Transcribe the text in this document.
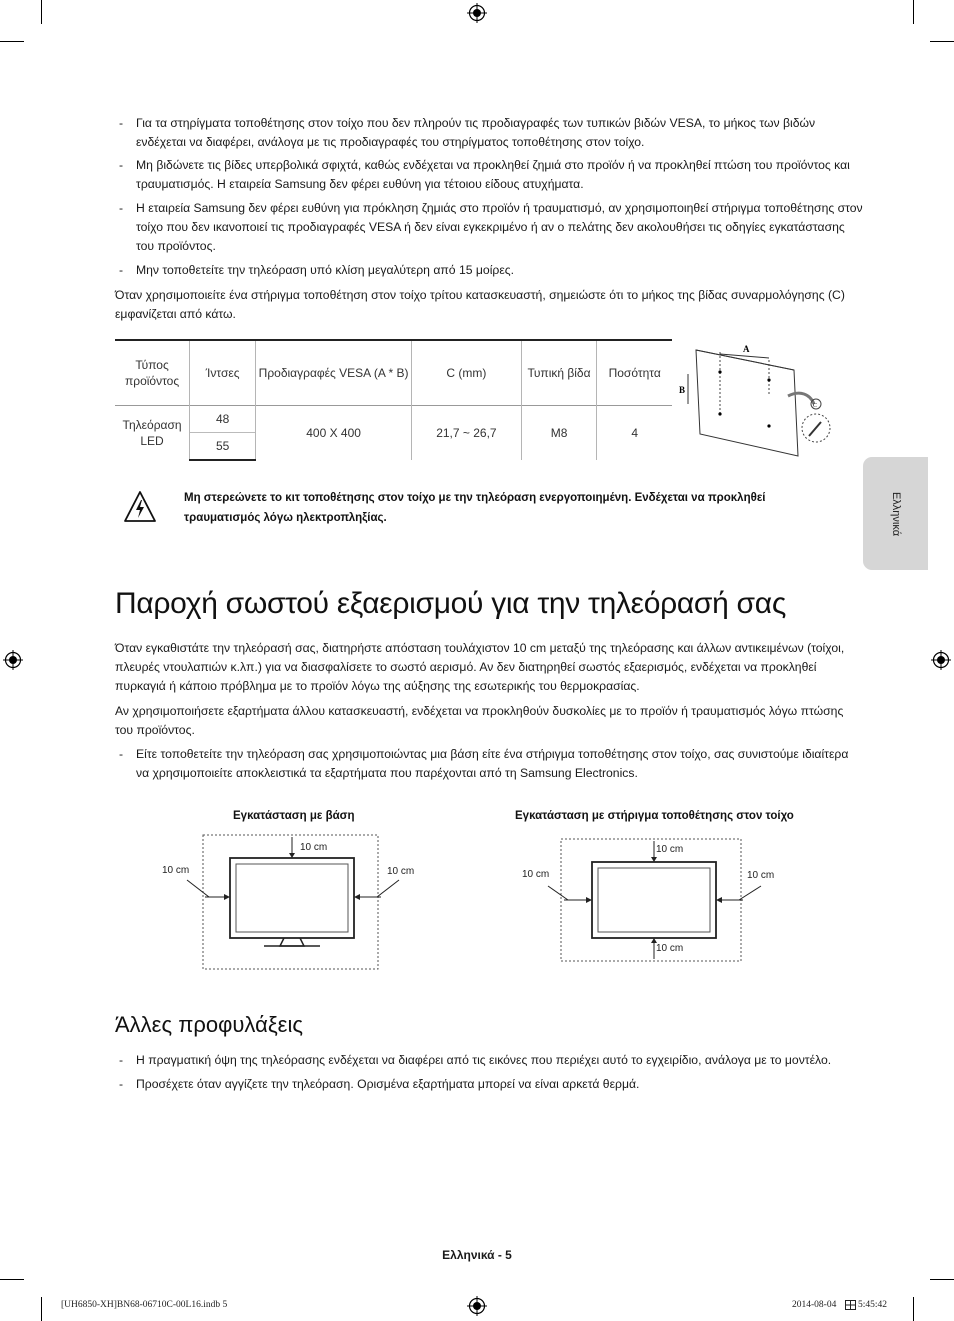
- Για τα στηρίγματα τοποθέτησης στον τοίχο που δεν πληρούν τις προδιαγραφές των τυπικών βιδών VESA, το μήκος των βιδών ενδέχεται να διαφέρει, ανάλογα με τις προδιαγραφές του στηρίγματος τοποθέτησης στον τοίχο.
- Μη βιδώνετε τις βίδες υπερβολικά σφιχτά, καθώς ενδέχεται να προκληθεί ζημιά στο προϊόν ή να προκληθεί πτώση του προϊόντος και τραυματισμός. Η εταιρεία Samsung δεν φέρει ευθύνη για τέτοιου είδους ατυχήματα.
- Η εταιρεία Samsung δεν φέρει ευθύνη για πρόκληση ζημιάς στο προϊόν ή τραυματισμό, αν χρησιμοποιηθεί στήριγμα τοποθέτησης στον τοίχο που δεν ικανοποιεί τις προδιαγραφές VESA ή δεν είναι εγκεκριμένο ή αν ο πελάτης δεν ακολουθήσει τις οδηγίες εγκατάστασης του προϊόντος.
- Μην τοποθετείτε την τηλεόραση υπό κλίση μεγαλύτερη από 15 μοίρες.
Όταν χρησιμοποιείτε ένα στήριγμα τοποθέτηση στον τοίχο τρίτου κατασκευαστή, σημειώστε ότι το μήκος της βίδας συναρμολόγησης (C) εμφανίζεται από κάτω.
Τύπος προϊόντος	Ίντσες	Προδιαγραφές VESA (A * B)	C (mm)	Τυπική βίδα	Ποσότητα
Τηλεόραση LED	48	400 X 400	21,7 ~ 26,7	M8	4
	55				
A
B
C
Μη στερεώνετε το κιτ τοποθέτησης στον τοίχο με την τηλεόραση ενεργοποιημένη. Ενδέχεται να προκληθεί τραυματισμός λόγω ηλεκτροπληξίας.	Ελληνικά
Παροχή σωστού εξαερισμού για την τηλεόρασή σας
Όταν εγκαθιστάτε την τηλεόρασή σας, διατηρήστε απόσταση τουλάχιστον 10 cm μεταξύ της τηλεόρασης και άλλων αντικειμένων (τοίχοι, πλευρές ντουλαπιών κ.λπ.) για να διασφαλίσετε το σωστό αερισμό. Αν δεν διατηρηθεί σωστός εξαερισμός, ενδέχεται να προκληθεί πυρκαγιά ή κάποιο πρόβλημα με το προϊόν λόγω της αύξησης της εσωτερικής του θερμοκρασίας.
Αν χρησιμοποιήσετε εξαρτήματα άλλου κατασκευαστή, ενδέχεται να προκληθούν δυσκολίες με το προϊόν ή τραυματισμός λόγω πτώσης του προϊόντος.
- Είτε τοποθετείτε την τηλεόραση σας χρησιμοποιώντας μια βάση είτε ένα στήριγμα τοποθέτησης στον τοίχο, σας συνιστούμε ιδιαίτερα να χρησιμοποιείτε αποκλειστικά τα εξαρτήματα που παρέχονται από τη Samsung Electronics.
Εγκατάσταση με βάση
10 cm
10 cm	10 cm
Εγκατάσταση με στήριγμα τοποθέτησης στον τοίχο
10 cm
10 cm	10 cm
10 cm
Άλλες προφυλάξεις
- Η πραγματική όψη της τηλεόρασης ενδέχεται να διαφέρει από τις εικόνες που περιέχει αυτό το εγχειρίδιο, ανάλογα με το μοντέλο.
- Προσέχετε όταν αγγίζετε την τηλεόραση. Ορισμένα εξαρτήματα μπορεί να είναι αρκετά θερμά.
Ελληνικά - 5
[UH6850-XH]BN68-06710C-00L16.indb 5	2014-08-04 5:45:42
